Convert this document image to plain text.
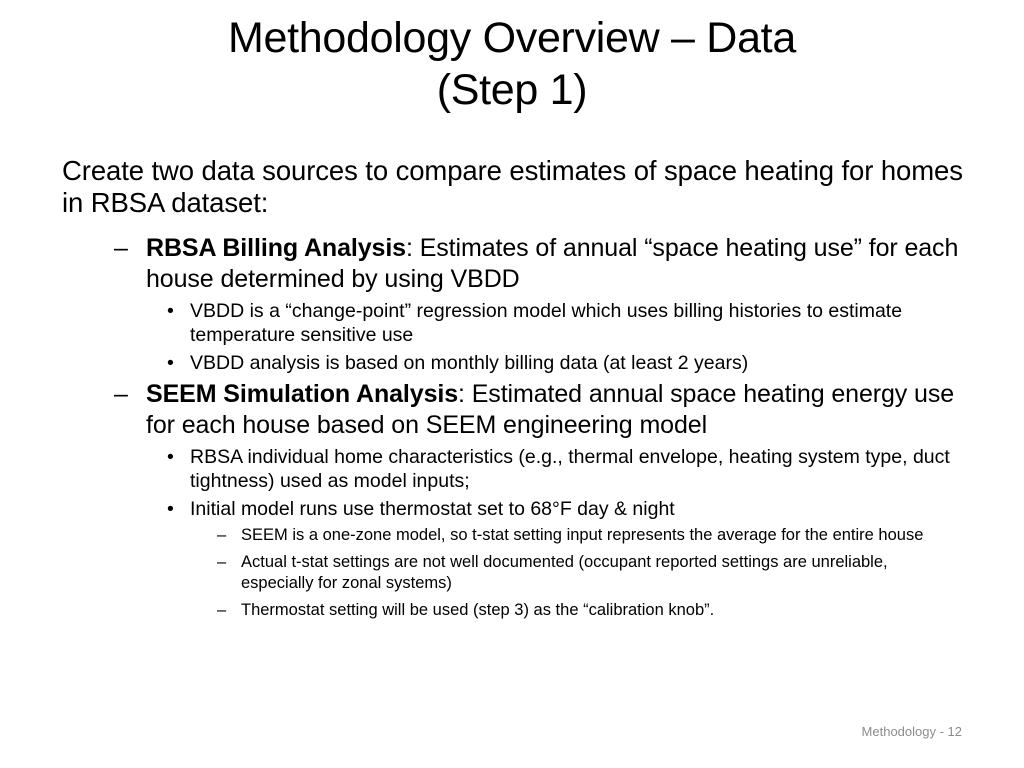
Methodology Overview – Data
(Step 1)
Create two data sources to compare estimates of space heating for homes in RBSA dataset:
– RBSA Billing Analysis: Estimates of annual “space heating use” for each house determined by using VBDD
• VBDD is a “change-point” regression model which uses billing histories to estimate temperature sensitive use
• VBDD analysis is based on monthly billing data (at least 2 years)
– SEEM Simulation Analysis: Estimated annual space heating energy use for each house based on SEEM engineering model
• RBSA individual home characteristics (e.g., thermal envelope, heating system type, duct tightness) used as model inputs;
• Initial model runs use thermostat set to 68°F day & night
– SEEM is a one-zone model, so t-stat setting input represents the average for the entire house
– Actual t-stat settings are not well documented (occupant reported settings are unreliable, especially for zonal systems)
– Thermostat setting will be used (step 3) as the “calibration knob”.
Methodology - 12
